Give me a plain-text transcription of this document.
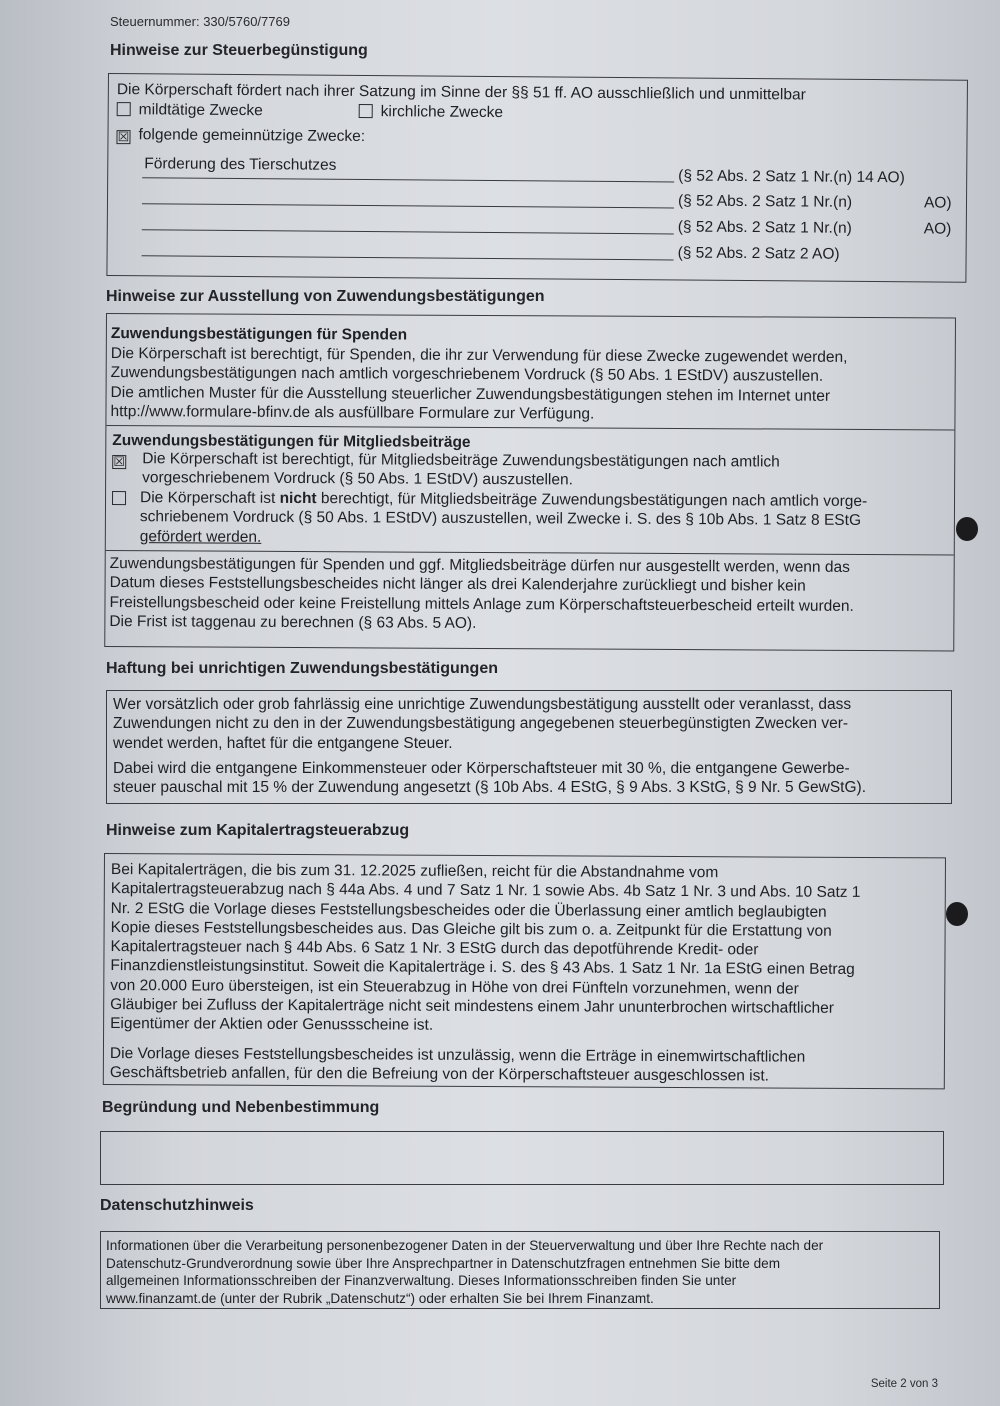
Steuernummer: 330/5760/7769
Hinweise zur Steuerbegünstigung
Die Körperschaft fördert nach ihrer Satzung im Sinne der §§ 51 ff. AO ausschließlich und unmittelbar
mildtätige Zwecke	kirchliche Zwecke
☒ folgende gemeinnützige Zwecke:
Förderung des Tierschutzes
(§ 52 Abs. 2 Satz 1 Nr.(n) 14 AO)
(§ 52 Abs. 2 Satz 1 Nr.(n)	AO)
(§ 52 Abs. 2 Satz 1 Nr.(n)	AO)
(§ 52 Abs. 2 Satz 2 AO)
Hinweise zur Ausstellung von Zuwendungsbestätigungen
Zuwendungsbestätigungen für Spenden
Die Körperschaft ist berechtigt, für Spenden, die ihr zur Verwendung für diese Zwecke zugewendet werden,
Zuwendungsbestätigungen nach amtlich vorgeschriebenem Vordruck (§ 50 Abs. 1 EStDV) auszustellen.
Die amtlichen Muster für die Ausstellung steuerlicher Zuwendungsbestätigungen stehen im Internet unter
http://www.formulare-bfinv.de als ausfüllbare Formulare zur Verfügung.
Zuwendungsbestätigungen für Mitgliedsbeiträge
☒	Die Körperschaft ist berechtigt, für Mitgliedsbeiträge Zuwendungsbestätigungen nach amtlich
vorgeschriebenem Vordruck (§ 50 Abs. 1 EStDV) auszustellen.
Die Körperschaft ist nicht berechtigt, für Mitgliedsbeiträge Zuwendungsbestätigungen nach amtlich vorge-
schriebenem Vordruck (§ 50 Abs. 1 EStDV) auszustellen, weil Zwecke i. S. des § 10b Abs. 1 Satz 8 EStG
gefördert werden.
Zuwendungsbestätigungen für Spenden und ggf. Mitgliedsbeiträge dürfen nur ausgestellt werden, wenn das
Datum dieses Feststellungsbescheides nicht länger als drei Kalenderjahre zurückliegt und bisher kein
Freistellungsbescheid oder keine Freistellung mittels Anlage zum Körperschaftsteuerbescheid erteilt wurden.
Die Frist ist taggenau zu berechnen (§ 63 Abs. 5 AO).
Haftung bei unrichtigen Zuwendungsbestätigungen
Wer vorsätzlich oder grob fahrlässig eine unrichtige Zuwendungsbestätigung ausstellt oder veranlasst, dass
Zuwendungen nicht zu den in der Zuwendungsbestätigung angegebenen steuerbegünstigten Zwecken ver-
wendet werden, haftet für die entgangene Steuer.
Dabei wird die entgangene Einkommensteuer oder Körperschaftsteuer mit 30 %, die entgangene Gewerbe-
steuer pauschal mit 15 % der Zuwendung angesetzt (§ 10b Abs. 4 EStG, § 9 Abs. 3 KStG, § 9 Nr. 5 GewStG).
Hinweise zum Kapitalertragsteuerabzug
Bei Kapitalerträgen, die bis zum 31. 12.2025 zufließen, reicht für die Abstandnahme vom
Kapitalertragsteuerabzug nach § 44a Abs. 4 und 7 Satz 1 Nr. 1 sowie Abs. 4b Satz 1 Nr. 3 und Abs. 10 Satz 1
Nr. 2 EStG die Vorlage dieses Feststellungsbescheides oder die Überlassung einer amtlich beglaubigten
Kopie dieses Feststellungsbescheides aus. Das Gleiche gilt bis zum o. a. Zeitpunkt für die Erstattung von
Kapitalertragsteuer nach § 44b Abs. 6 Satz 1 Nr. 3 EStG durch das depotführende Kredit- oder
Finanzdienstleistungsinstitut. Soweit die Kapitalerträge i. S. des § 43 Abs. 1 Satz 1 Nr. 1a EStG einen Betrag
von 20.000 Euro übersteigen, ist ein Steuerabzug in Höhe von drei Fünfteln vorzunehmen, wenn der
Gläubiger bei Zufluss der Kapitalerträge nicht seit mindestens einem Jahr ununterbrochen wirtschaftlicher
Eigentümer der Aktien oder Genussscheine ist.
Die Vorlage dieses Feststellungsbescheides ist unzulässig, wenn die Erträge in einemwirtschaftlichen
Geschäftsbetrieb anfallen, für den die Befreiung von der Körperschaftsteuer ausgeschlossen ist.
Begründung und Nebenbestimmung
Datenschutzhinweis
Informationen über die Verarbeitung personenbezogener Daten in der Steuerverwaltung und über Ihre Rechte nach der
Datenschutz-Grundverordnung sowie über Ihre Ansprechpartner in Datenschutzfragen entnehmen Sie bitte dem
allgemeinen Informationsschreiben der Finanzverwaltung. Dieses Informationsschreiben finden Sie unter
www.finanzamt.de (unter der Rubrik „Datenschutz“) oder erhalten Sie bei Ihrem Finanzamt.
Seite 2 von 3
